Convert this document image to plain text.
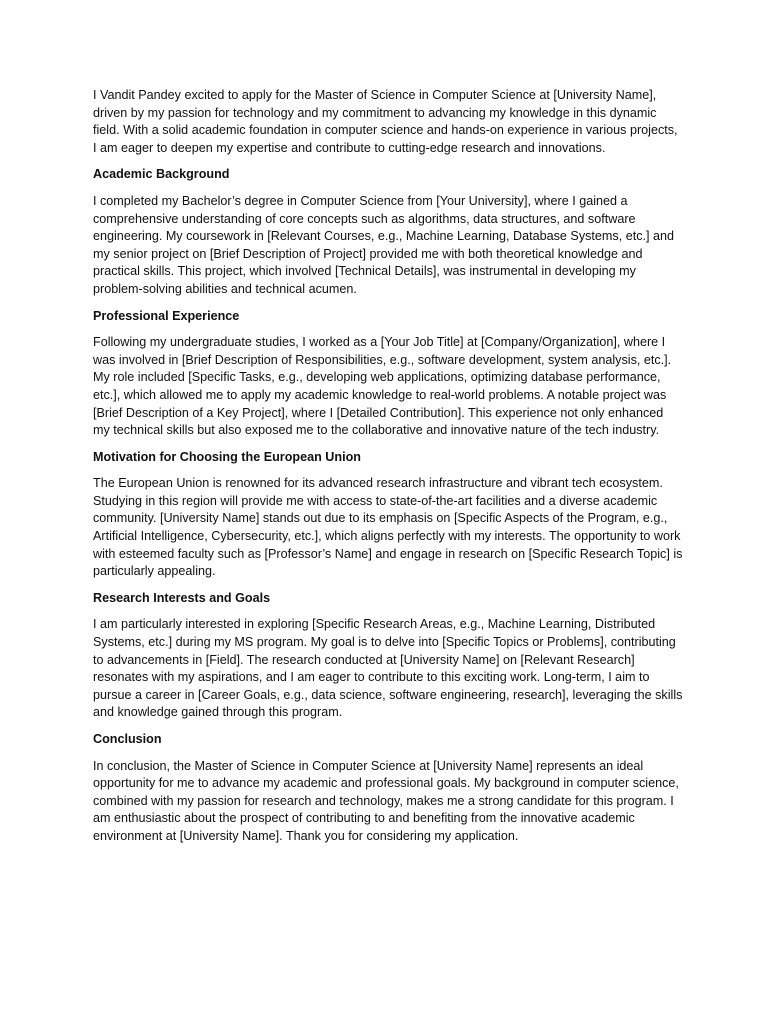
I Vandit Pandey excited to apply for the Master of Science in Computer Science at [University Name], driven by my passion for technology and my commitment to advancing my knowledge in this dynamic field. With a solid academic foundation in computer science and hands-on experience in various projects, I am eager to deepen my expertise and contribute to cutting-edge research and innovations.

Academic Background

I completed my Bachelor’s degree in Computer Science from [Your University], where I gained a comprehensive understanding of core concepts such as algorithms, data structures, and software engineering. My coursework in [Relevant Courses, e.g., Machine Learning, Database Systems, etc.] and my senior project on [Brief Description of Project] provided me with both theoretical knowledge and practical skills. This project, which involved [Technical Details], was instrumental in developing my problem-solving abilities and technical acumen.

Professional Experience

Following my undergraduate studies, I worked as a [Your Job Title] at [Company/Organization], where I was involved in [Brief Description of Responsibilities, e.g., software development, system analysis, etc.]. My role included [Specific Tasks, e.g., developing web applications, optimizing database performance, etc.], which allowed me to apply my academic knowledge to real-world problems. A notable project was [Brief Description of a Key Project], where I [Detailed Contribution]. This experience not only enhanced my technical skills but also exposed me to the collaborative and innovative nature of the tech industry.

Motivation for Choosing the European Union

The European Union is renowned for its advanced research infrastructure and vibrant tech ecosystem. Studying in this region will provide me with access to state-of-the-art facilities and a diverse academic community. [University Name] stands out due to its emphasis on [Specific Aspects of the Program, e.g., Artificial Intelligence, Cybersecurity, etc.], which aligns perfectly with my interests. The opportunity to work with esteemed faculty such as [Professor’s Name] and engage in research on [Specific Research Topic] is particularly appealing.

Research Interests and Goals

I am particularly interested in exploring [Specific Research Areas, e.g., Machine Learning, Distributed Systems, etc.] during my MS program. My goal is to delve into [Specific Topics or Problems], contributing to advancements in [Field]. The research conducted at [University Name] on [Relevant Research] resonates with my aspirations, and I am eager to contribute to this exciting work. Long-term, I aim to pursue a career in [Career Goals, e.g., data science, software engineering, research], leveraging the skills and knowledge gained through this program.

Conclusion

In conclusion, the Master of Science in Computer Science at [University Name] represents an ideal opportunity for me to advance my academic and professional goals. My background in computer science, combined with my passion for research and technology, makes me a strong candidate for this program. I am enthusiastic about the prospect of contributing to and benefiting from the innovative academic environment at [University Name]. Thank you for considering my application.
